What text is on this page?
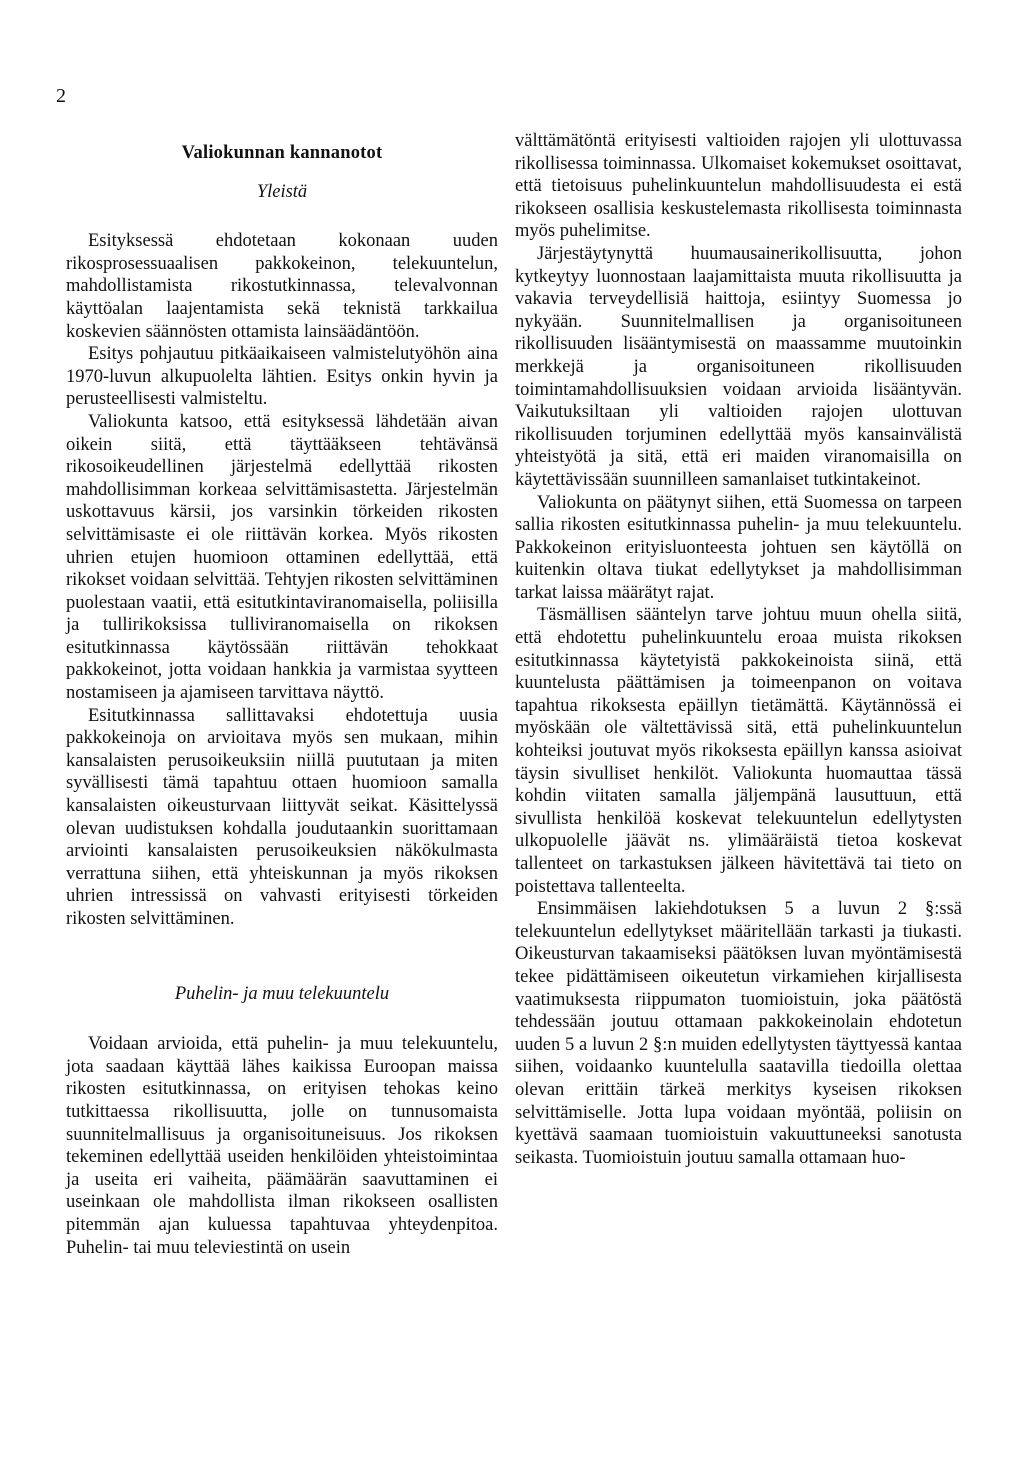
2
Valiokunnan kannanotot
Yleistä

Esityksessä ehdotetaan kokonaan uuden rikosprosessuaalisen pakkokeinon, telekuuntelun, mahdollistamista rikostutkinnassa, televalvonnan käyttöalan laajentamista sekä teknistä tarkkailua koskevien säännösten ottamista lainsäädäntöön.

Esitys pohjautuu pitkäaikaiseen valmistelutyöhön aina 1970-luvun alkupuolelta lähtien. Esitys onkin hyvin ja perusteellisesti valmisteltu.

Valiokunta katsoo, että esityksessä lähdetään aivan oikein siitä, että täyttääkseen tehtävänsä rikosoikeudellinen järjestelmä edellyttää rikosten mahdollisimman korkeaa selvittämisastetta. Järjestelmän uskottavuus kärsii, jos varsinkin törkeiden rikosten selvittämisaste ei ole riittävän korkea. Myös rikosten uhrien etujen huomioon ottaminen edellyttää, että rikokset voidaan selvittää. Tehtyjen rikosten selvittäminen puolestaan vaatii, että esitutkintaviranomaisella, poliisilla ja tullirikoksissa tulliviranomaisella on rikoksen esitutkinnassa käytössään riittävän tehokkaat pakkokeinot, jotta voidaan hankkia ja varmistaa syytteen nostamiseen ja ajamiseen tarvittava näyttö.

Esitutkinnassa sallittavaksi ehdotettuja uusia pakkokeinoja on arvioitava myös sen mukaan, mihin kansalaisten perusoikeuksiin niillä puututaan ja miten syvällisesti tämä tapahtuu ottaen huomioon samalla kansalaisten oikeusturvaan liittyvät seikat. Käsittelyssä olevan uudistuksen kohdalla joudutaankin suorittamaan arviointi kansalaisten perusoikeuksien näkökulmasta verrattuna siihen, että yhteiskunnan ja myös rikoksen uhrien intressissä on vahvasti erityisesti törkeiden rikosten selvittäminen.

Puhelin- ja muu telekuuntelu

Voidaan arvioida, että puhelin- ja muu telekuuntelu, jota saadaan käyttää lähes kaikissa Euroopan maissa rikosten esitutkinnassa, on erityisen tehokas keino tutkittaessa rikollisuutta, jolle on tunnusomaista suunnitelmallisuus ja organisoituneisuus. Jos rikoksen tekeminen edellyttää useiden henkilöiden yhteistoimintaa ja useita eri vaiheita, päämäärän saavuttaminen ei useinkaan ole mahdollista ilman rikokseen osallisten pitemmän ajan kuluessa tapahtuvaa yhteydenpitoa. Puhelin- tai muu televiestintä on usein

välttämätöntä erityisesti valtioiden rajojen yli ulottuvassa rikollisessa toiminnassa. Ulkomaiset kokemukset osoittavat, että tietoisuus puhelinkuuntelun mahdollisuudesta ei estä rikokseen osallisia keskustelemasta rikollisesta toiminnasta myös puhelimitse.

Järjestäytynyttä huumausainerikollisuutta, johon kytkeytyy luonnostaan laajamittaista muuta rikollisuutta ja vakavia terveydellisiä haittoja, esiintyy Suomessa jo nykyään. Suunnitelmallisen ja organisoituneen rikollisuuden lisääntymisestä on maassamme muutoinkin merkkejä ja organisoituneen rikollisuuden toimintamahdollisuuksien voidaan arvioida lisääntyvän. Vaikutuksiltaan yli valtioiden rajojen ulottuvan rikollisuuden torjuminen edellyttää myös kansainvälistä yhteistyötä ja sitä, että eri maiden viranomaisilla on käytettävissään suunnilleen samanlaiset tutkintakeinot.

Valiokunta on päätynyt siihen, että Suomessa on tarpeen sallia rikosten esitutkinnassa puhelin- ja muu telekuuntelu. Pakkokeinon erityisluonteesta johtuen sen käytöllä on kuitenkin oltava tiukat edellytykset ja mahdollisimman tarkat laissa määrätyt rajat.

Täsmällisen sääntelyn tarve johtuu muun ohella siitä, että ehdotettu puhelinkuuntelu eroaa muista rikoksen esitutkinnassa käytetyistä pakkokeinoista siinä, että kuuntelusta päättämisen ja toimeenpanon on voitava tapahtua rikoksesta epäillyn tietämättä. Käytännössä ei myöskään ole vältettävissä sitä, että puhelinkuuntelun kohteiksi joutuvat myös rikoksesta epäillyn kanssa asioivat täysin sivulliset henkilöt. Valiokunta huomauttaa tässä kohdin viitaten samalla jäljempänä lausuttuun, että sivullista henkilöä koskevat telekuuntelun edellytysten ulkopuolelle jäävät ns. ylimääräistä tietoa koskevat tallenteet on tarkastuksen jälkeen hävitettävä tai tieto on poistettava tallenteelta.

Ensimmäisen lakiehdotuksen 5 a luvun 2 §:ssä telekuuntelun edellytykset määritellään tarkasti ja tiukasti. Oikeusturvan takaamiseksi päätöksen luvan myöntämisestä tekee pidättämiseen oikeutetun virkamiehen kirjallisesta vaatimuksesta riippumaton tuomioistuin, joka päätöstä tehdessään joutuu ottamaan pakkokeinolain ehdotetun uuden 5 a luvun 2 §:n muiden edellytysten täyttyessä kantaa siihen, voidaanko kuuntelulla saatavilla tiedoilla olettaa olevan erittäin tärkeä merkitys kyseisen rikoksen selvittämiselle. Jotta lupa voidaan myöntää, poliisin on kyettävä saamaan tuomioistuin vakuuttuneeksi sanotusta seikasta. Tuomioistuin joutuu samalla ottamaan huo-
